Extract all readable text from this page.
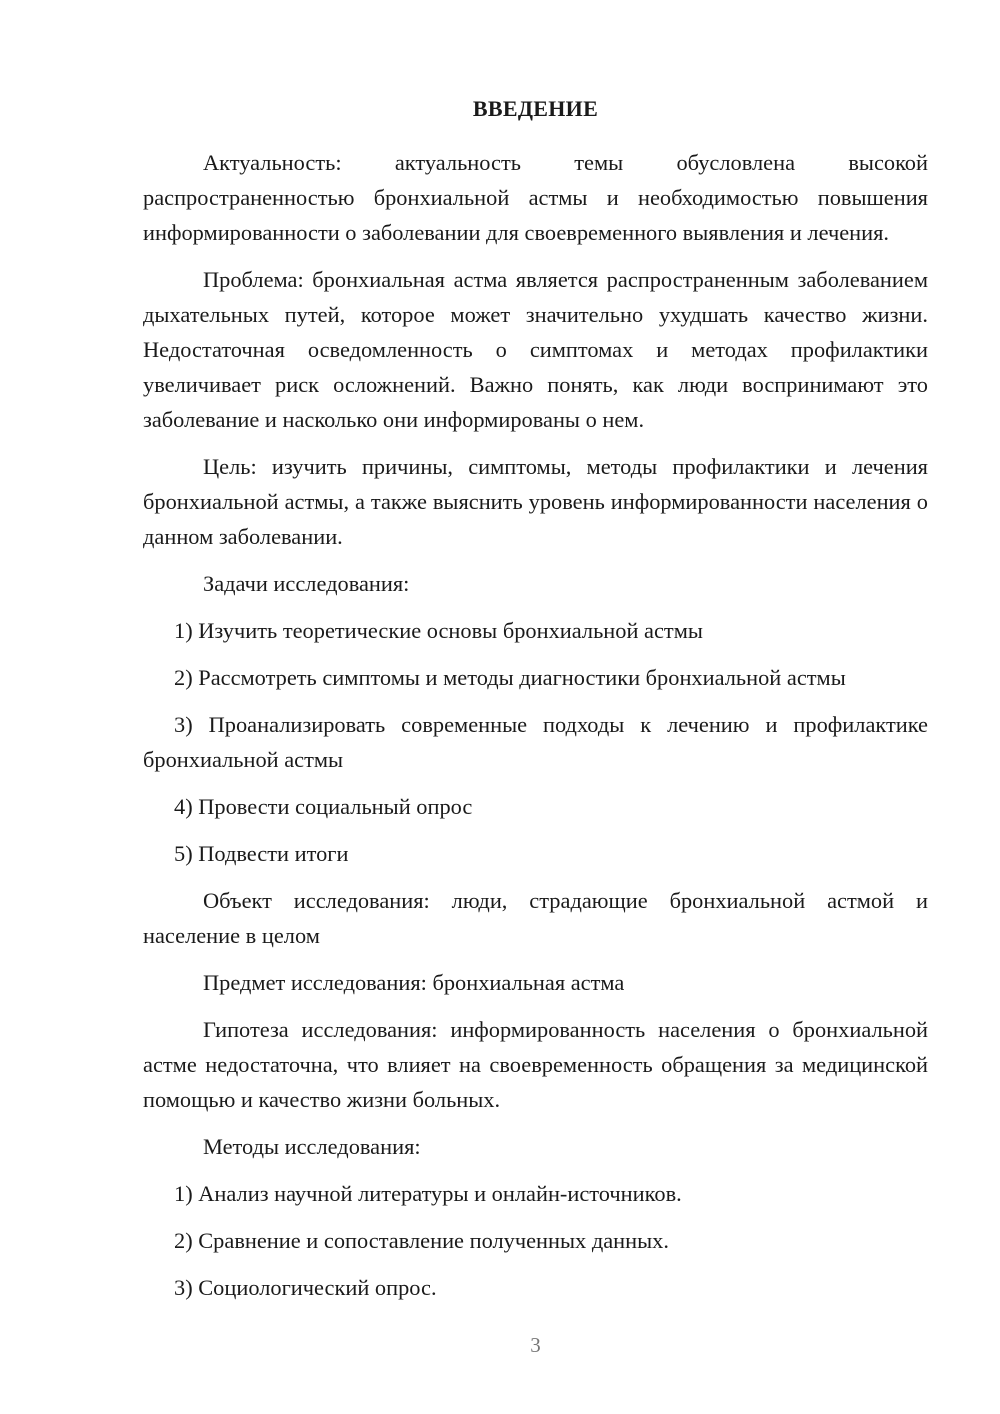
ВВЕДЕНИЕ

Актуальность: актуальность темы обусловлена высокой распространенностью бронхиальной астмы и необходимостью повышения информированности о заболевании для своевременного выявления и лечения.

Проблема: бронхиальная астма является распространенным заболеванием дыхательных путей, которое может значительно ухудшать качество жизни. Недостаточная осведомленность о симптомах и методах профилактики увеличивает риск осложнений. Важно понять, как люди воспринимают это заболевание и насколько они информированы о нем.

Цель: изучить причины, симптомы, методы профилактики и лечения бронхиальной астмы, а также выяснить уровень информированности населения о данном заболевании.

Задачи исследования:

1) Изучить теоретические основы бронхиальной астмы

2) Рассмотреть симптомы и методы диагностики бронхиальной астмы

3) Проанализировать современные подходы к лечению и профилактике бронхиальной астмы

4) Провести социальный опрос

5) Подвести итоги

Объект исследования: люди, страдающие бронхиальной астмой и население в целом

Предмет исследования: бронхиальная астма

Гипотеза исследования: информированность населения о бронхиальной астме недостаточна, что влияет на своевременность обращения за медицинской помощью и качество жизни больных.

Методы исследования:

1) Анализ научной литературы и онлайн-источников.

2) Сравнение и сопоставление полученных данных.

3) Социологический опрос.

3
